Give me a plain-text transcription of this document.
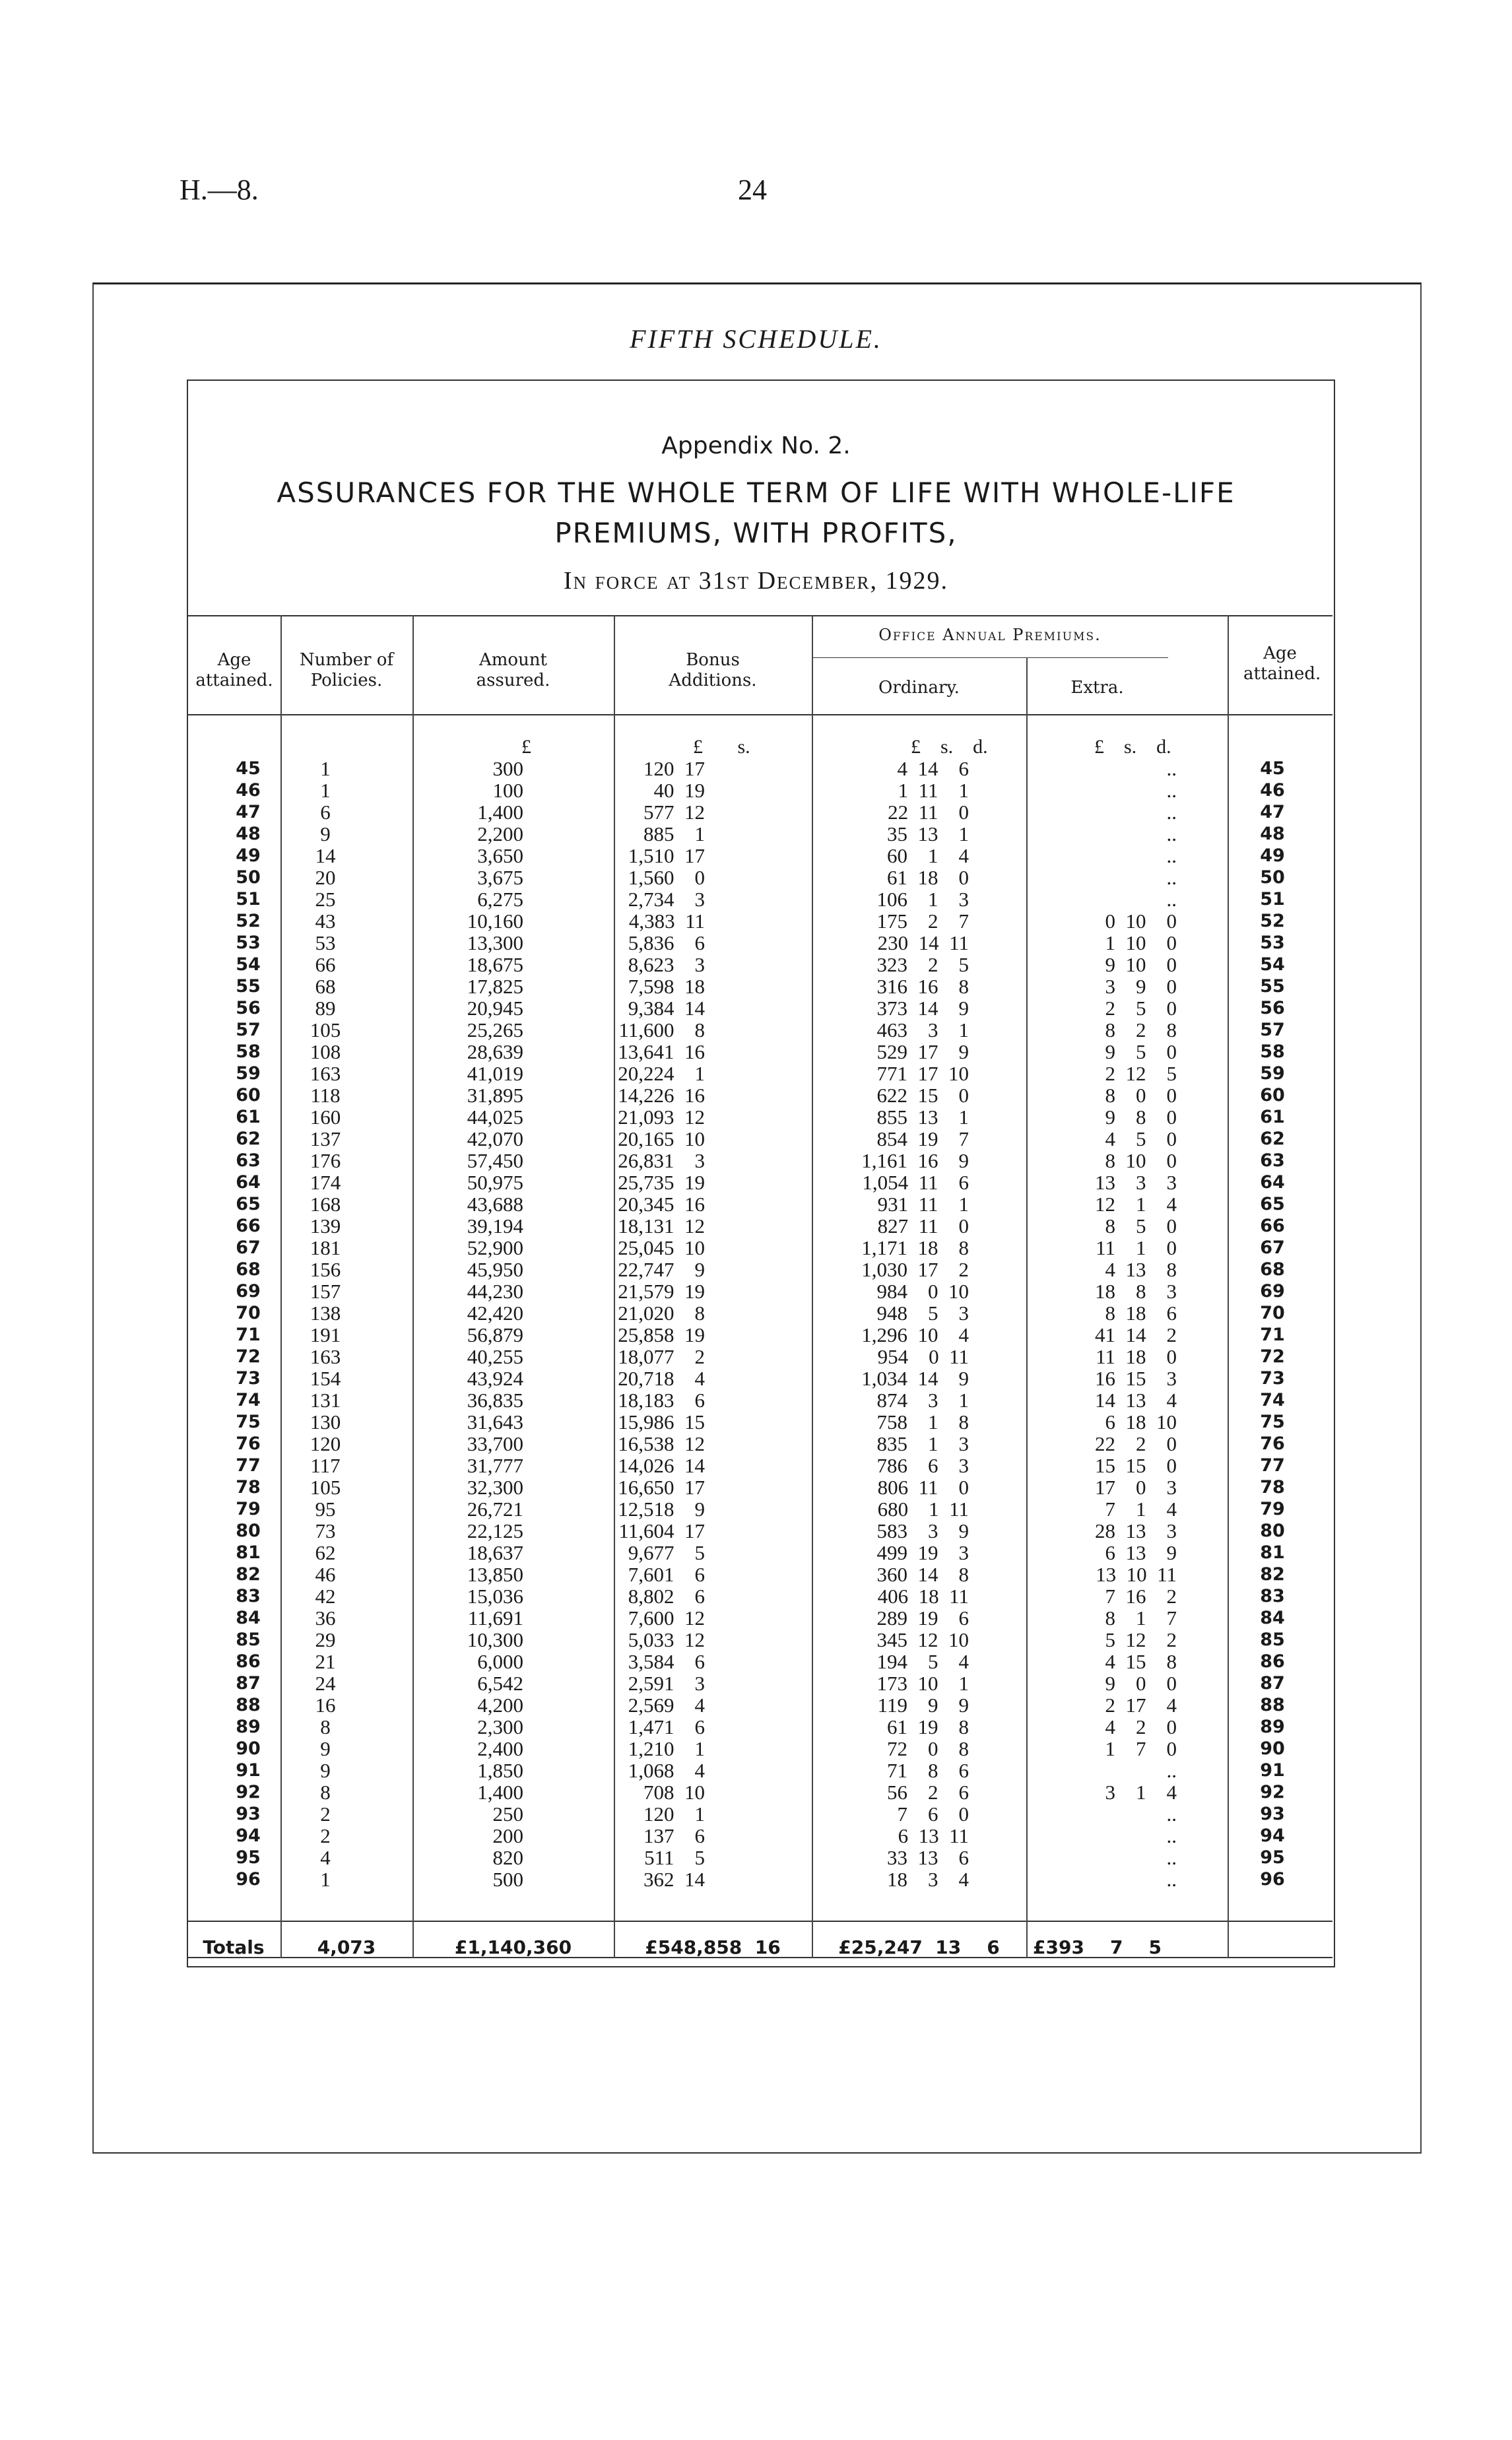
H.—8.	24
FIFTH SCHEDULE.
Appendix No. 2.
ASSURANCES FOR THE WHOLE TERM OF LIFE WITH WHOLE-LIFE
PREMIUMS, WITH PROFITS,
In force at 31st December, 1929.
Age attained.
Number of Policies.
Amount assured.
Bonus Additions.
Office Annual Premiums.
Ordinary.	Extra.
Age attained.
£	£       s.	£    s.    d.	£    s.    d.
45	1	300	120  17	4  14    6	..	45
46	1	100	40  19	1  11    1	..	46
47	6	1,400	577  12	22  11    0	..	47
48	9	2,200	885    1	35  13    1	..	48
49	14	3,650	1,510  17	60    1    4	..	49
50	20	3,675	1,560    0	61  18    0	..	50
51	25	6,275	2,734    3	106    1    3	..	51
52	43	10,160	4,383  11	175    2    7	0  10    0	52
53	53	13,300	5,836    6	230  14  11	1  10    0	53
54	66	18,675	8,623    3	323    2    5	9  10    0	54
55	68	17,825	7,598  18	316  16    8	3    9    0	55
56	89	20,945	9,384  14	373  14    9	2    5    0	56
57	105	25,265	11,600    8	463    3    1	8    2    8	57
58	108	28,639	13,641  16	529  17    9	9    5    0	58
59	163	41,019	20,224    1	771  17  10	2  12    5	59
60	118	31,895	14,226  16	622  15    0	8    0    0	60
61	160	44,025	21,093  12	855  13    1	9    8    0	61
62	137	42,070	20,165  10	854  19    7	4    5    0	62
63	176	57,450	26,831    3	1,161  16    9	8  10    0	63
64	174	50,975	25,735  19	1,054  11    6	13    3    3	64
65	168	43,688	20,345  16	931  11    1	12    1    4	65
66	139	39,194	18,131  12	827  11    0	8    5    0	66
67	181	52,900	25,045  10	1,171  18    8	11    1    0	67
68	156	45,950	22,747    9	1,030  17    2	4  13    8	68
69	157	44,230	21,579  19	984    0  10	18    8    3	69
70	138	42,420	21,020    8	948    5    3	8  18    6	70
71	191	56,879	25,858  19	1,296  10    4	41  14    2	71
72	163	40,255	18,077    2	954    0  11	11  18    0	72
73	154	43,924	20,718    4	1,034  14    9	16  15    3	73
74	131	36,835	18,183    6	874    3    1	14  13    4	74
75	130	31,643	15,986  15	758    1    8	6  18  10	75
76	120	33,700	16,538  12	835    1    3	22    2    0	76
77	117	31,777	14,026  14	786    6    3	15  15    0	77
78	105	32,300	16,650  17	806  11    0	17    0    3	78
79	95	26,721	12,518    9	680    1  11	7    1    4	79
80	73	22,125	11,604  17	583    3    9	28  13    3	80
81	62	18,637	9,677    5	499  19    3	6  13    9	81
82	46	13,850	7,601    6	360  14    8	13  10  11	82
83	42	15,036	8,802    6	406  18  11	7  16    2	83
84	36	11,691	7,600  12	289  19    6	8    1    7	84
85	29	10,300	5,033  12	345  12  10	5  12    2	85
86	21	6,000	3,584    6	194    5    4	4  15    8	86
87	24	6,542	2,591    3	173  10    1	9    0    0	87
88	16	4,200	2,569    4	119    9    9	2  17    4	88
89	8	2,300	1,471    6	61  19    8	4    2    0	89
90	9	2,400	1,210    1	72    0    8	1    7    0	90
91	9	1,850	1,068    4	71    8    6	..	91
92	8	1,400	708  10	56    2    6	3    1    4	92
93	2	250	120    1	7    6    0	..	93
94	2	200	137    6	6  13  11	..	94
95	4	820	511    5	33  13    6	..	95
96	1	500	362  14	18    3    4	..	96
Totals	4,073	£1,140,360	£548,858  16	£25,247  13    6	£393    7    5
